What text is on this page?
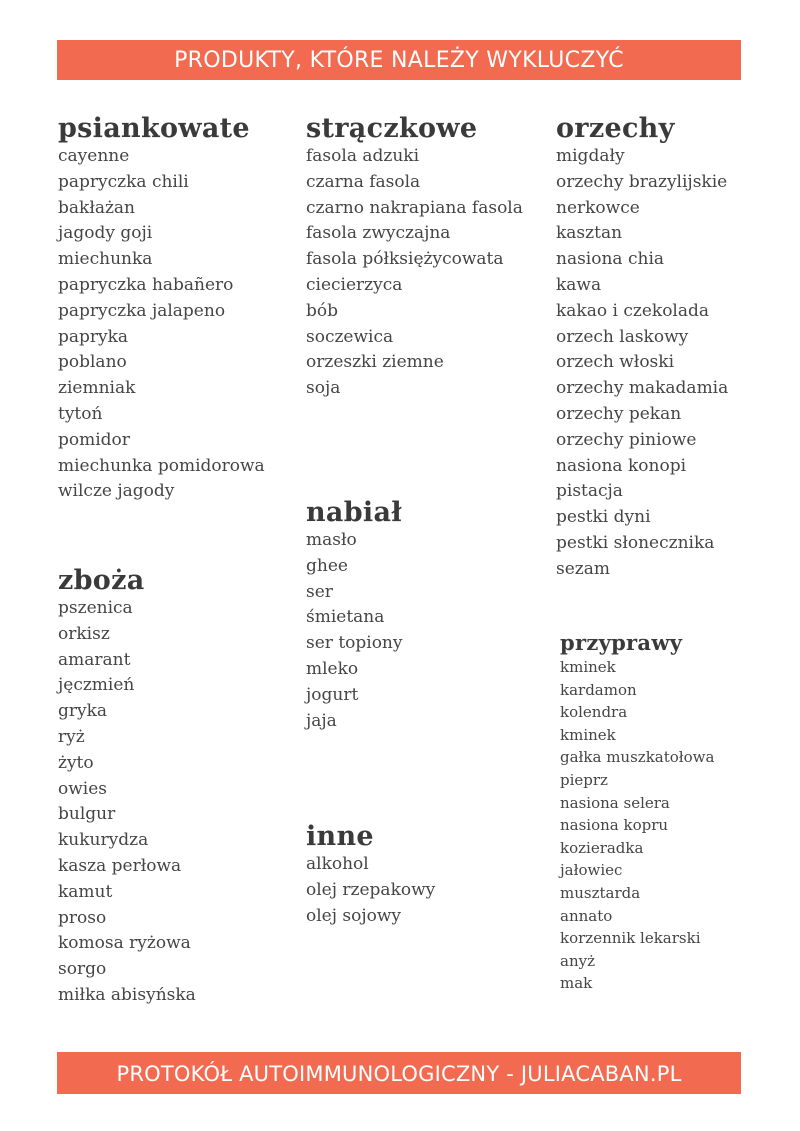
PRODUKTY, KTÓRE NALEŻY WYKLUCZYĆ
psiankowate
cayenne
papryczka chili
bakłażan
jagody goji
miechunka
papryczka habañero
papryczka jalapeno
papryka
poblano
ziemniak
tytoń
pomidor
miechunka pomidorowa
wilcze jagody
zboża
pszenica
orkisz
amarant
jęczmień
gryka
ryż
żyto
owies
bulgur
kukurydza
kasza perłowa
kamut
proso
komosa ryżowa
sorgo
miłka abisyńska
strączkowe
fasola adzuki
czarna fasola
czarno nakrapiana fasola
fasola zwyczajna
fasola półksiężycowata
ciecierzyca
bób
soczewica
orzeszki ziemne
soja
nabiał
masło
ghee
ser
śmietana
ser topiony
mleko
jogurt
jaja
inne
alkohol
olej rzepakowy
olej sojowy
orzechy
migdały
orzechy brazylijskie
nerkowce
kasztan
nasiona chia
kawa
kakao i czekolada
orzech laskowy
orzech włoski
orzechy makadamia
orzechy pekan
orzechy piniowe
nasiona konopi
pistacja
pestki dyni
pestki słonecznika
sezam
przyprawy
kminek
kardamon
kolendra
kminek
gałka muszkatołowa
pieprz
nasiona selera
nasiona kopru
kozieradka
jałowiec
musztarda
annato
korzennik lekarski
anyż
mak
PROTOKÓŁ AUTOIMMUNOLOGICZNY - JULIACABAN.PL
